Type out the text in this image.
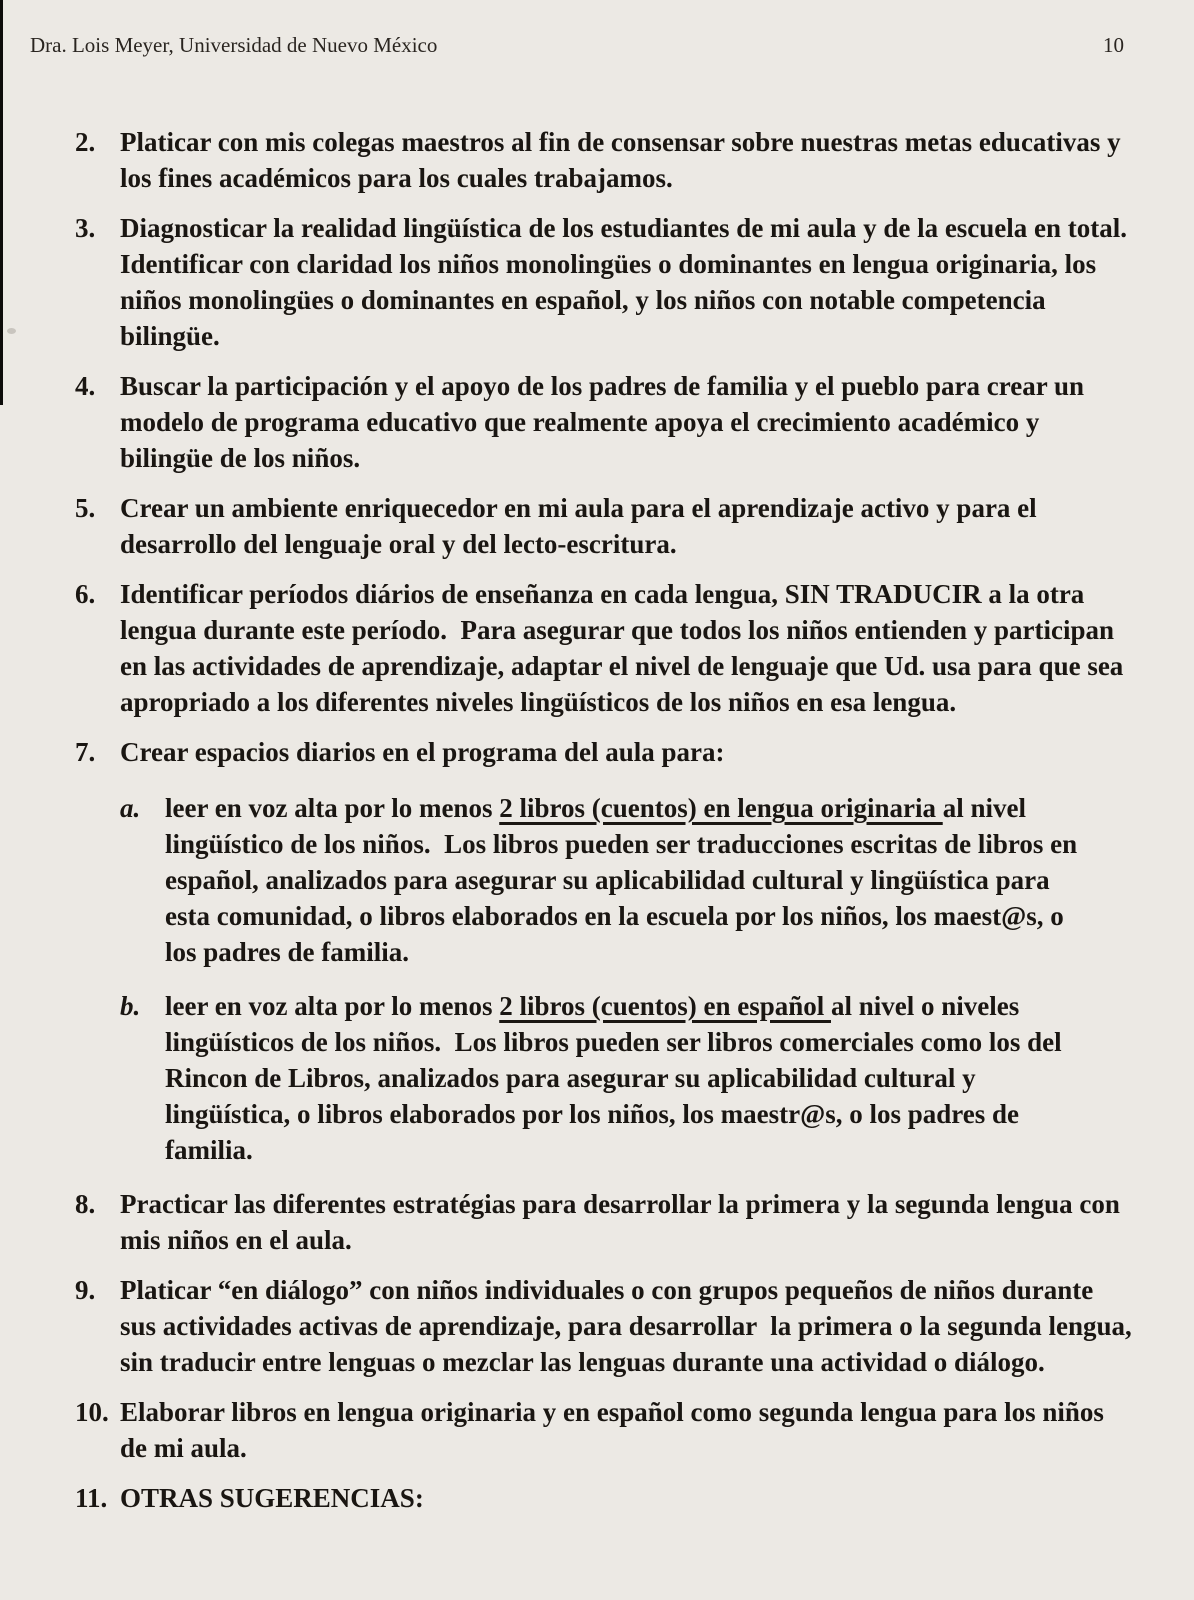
Dra. Lois Meyer, Universidad de Nuevo México	10
2. Platicar con mis colegas maestros al fin de consensar sobre nuestras metas educativas y los fines académicos para los cuales trabajamos.
3. Diagnosticar la realidad lingüística de los estudiantes de mi aula y de la escuela en total.  Identificar con claridad los niños monolingües o dominantes en lengua originaria, los niños monolingües o dominantes en español, y los niños con notable competencia bilingüe.
4. Buscar la participación y el apoyo de los padres de familia y el pueblo para crear un modelo de programa educativo que realmente apoya el crecimiento académico y bilingüe de los niños.
5. Crear un ambiente enriquecedor en mi aula para el aprendizaje activo y para el desarrollo del lenguaje oral y del lecto-escritura.
6. Identificar períodos diários de enseñanza en cada lengua, SIN TRADUCIR a la otra lengua durante este período.  Para asegurar que todos los niños entienden y participan en las actividades de aprendizaje, adaptar el nivel de lenguaje que Ud. usa para que sea apropriado a los diferentes niveles lingüísticos de los niños en esa lengua.
7. Crear espacios diarios en el programa del aula para:
a. leer en voz alta por lo menos 2 libros (cuentos) en lengua originaria al nivel lingüístico de los niños.  Los libros pueden ser traducciones escritas de libros en español, analizados para asegurar su aplicabilidad cultural y lingüística para esta comunidad, o libros elaborados en la escuela por los niños, los maest@s, o los padres de familia.
b. leer en voz alta por lo menos 2 libros (cuentos) en español al nivel o niveles lingüísticos de los niños.  Los libros pueden ser libros comerciales como los del Rincon de Libros, analizados para asegurar su aplicabilidad cultural y lingüística, o libros elaborados por los niños, los maestr@s, o los padres de familia.
8. Practicar las diferentes estratégias para desarrollar la primera y la segunda lengua con mis niños en el aula.
9. Platicar “en diálogo” con niños individuales o con grupos pequeños de niños durante sus actividades activas de aprendizaje, para desarrollar  la primera o la segunda lengua, sin traducir entre lenguas o mezclar las lenguas durante una actividad o diálogo.
10. Elaborar libros en lengua originaria y en español como segunda lengua para los niños de mi aula.
11. OTRAS SUGERENCIAS:
